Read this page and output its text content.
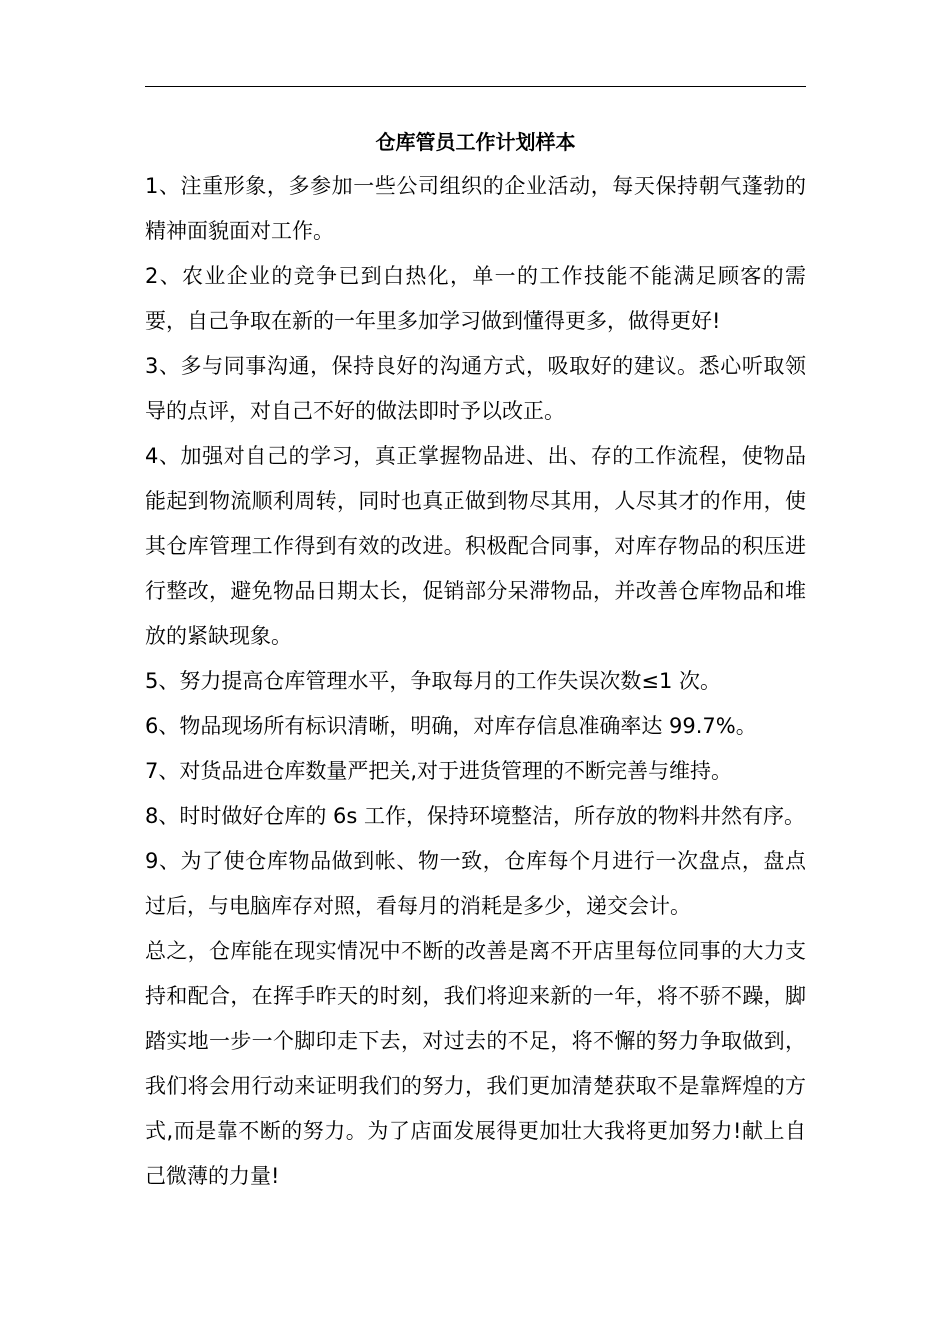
仓库管员工作计划样本

1、注重形象，多参加一些公司组织的企业活动，每天保持朝气蓬勃的精神面貌面对工作。

2、农业企业的竞争已到白热化，单一的工作技能不能满足顾客的需要，自己争取在新的一年里多加学习做到懂得更多，做得更好!

3、多与同事沟通，保持良好的沟通方式，吸取好的建议。悉心听取领导的点评，对自己不好的做法即时予以改正。

4、加强对自己的学习，真正掌握物品进、出、存的工作流程，使物品能起到物流顺利周转，同时也真正做到物尽其用，人尽其才的作用，使其仓库管理工作得到有效的改进。积极配合同事，对库存物品的积压进行整改，避免物品日期太长，促销部分呆滞物品，并改善仓库物品和堆放的紧缺现象。

5、努力提高仓库管理水平，争取每月的工作失误次数≤1 次。

6、物品现场所有标识清晰，明确，对库存信息准确率达 99.7%。

7、对货品进仓库数量严把关,对于进货管理的不断完善与维持。

8、时时做好仓库的 6s 工作，保持环境整洁，所存放的物料井然有序。

9、为了使仓库物品做到帐、物一致，仓库每个月进行一次盘点，盘点过后，与电脑库存对照，看每月的消耗是多少，递交会计。

总之，仓库能在现实情况中不断的改善是离不开店里每位同事的大力支持和配合，在挥手昨天的时刻，我们将迎来新的一年，将不骄不躁，脚踏实地一步一个脚印走下去，对过去的不足，将不懈的努力争取做到，我们将会用行动来证明我们的努力，我们更加清楚获取不是靠辉煌的方式,而是靠不断的努力。为了店面发展得更加壮大我将更加努力!献上自己微薄的力量!
